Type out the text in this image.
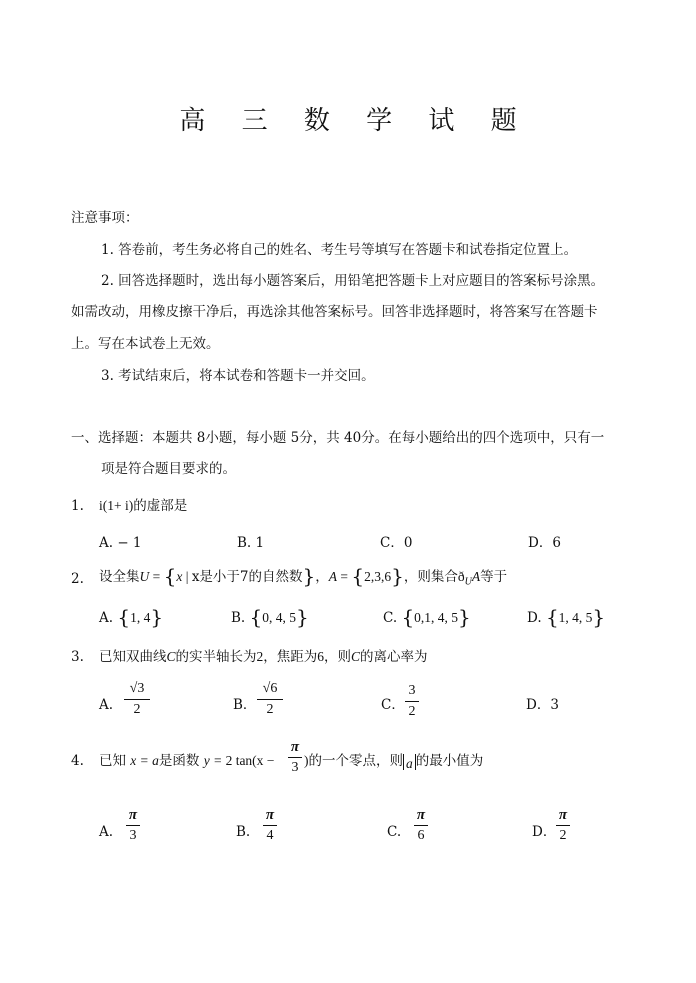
高 三 数 学 试 题
注意事项：
1. 答卷前，考生务必将自己的姓名、考生号等填写在答题卡和试卷指定位置上。
2. 回答选择题时，选出每小题答案后，用铅笔把答题卡上对应题目的答案标号涂黑。
如需改动，用橡皮擦干净后，再选涂其他答案标号。回答非选择题时，将答案写在答题卡
上。写在本试卷上无效。
3. 考试结束后，将本试卷和答题卡一并交回。
一、选择题：本题共 8小题，每小题 5分，共 40分。在每小题给出的四个选项中，只有一
项是符合题目要求的。
1. i(1+ i)的虚部是
A. − 1	B. 1	C．0	D．6
2. 设全集U = {x | x是小于7的自然数}，A = {2,3,6}，则集合$ð_UA$等于
A. {1, 4}	B. {0, 4, 5}	C. {0,1, 4, 5}	D. {1, 4, 5}
3. 已知双曲线C的实半轴长为2，焦距为6，则C的离心率为
A.
√3
2	B．
√6
2	C．
3
2	D．3
4. 已知 x = a是函数 y = 2 tan(x −
π
3 )的一个零点，则 a 的最小值为
A.
π
3	B.
π
4	C.
π
6	D．
π
2
